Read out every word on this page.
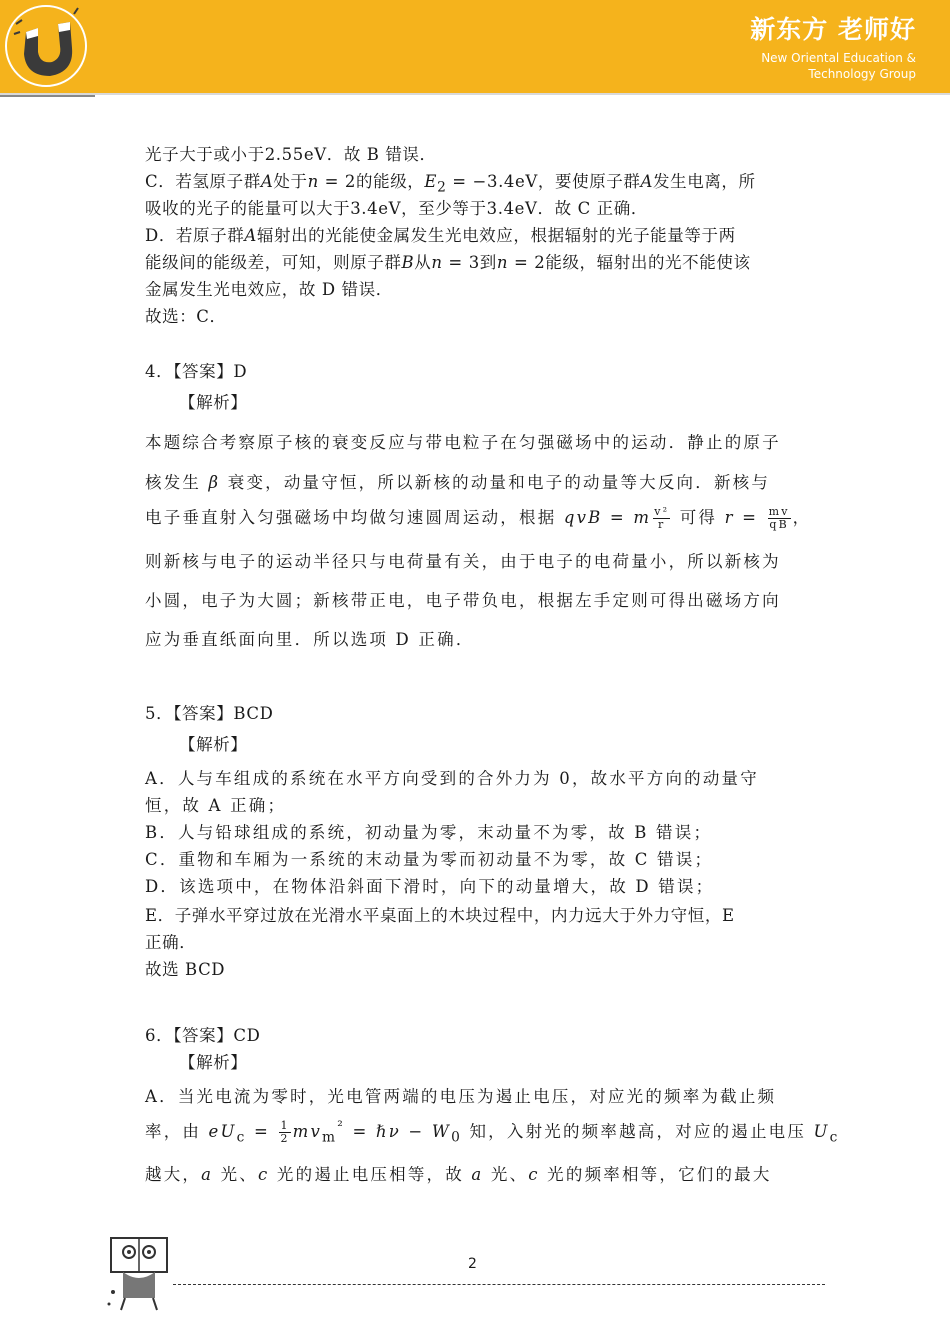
新东方 老师好
New Oriental Education &
Technology Group
光子大于或小于2.55eV．故 B 错误．
C．若氢原子群A处于n = 2的能级，$E_2 = -3.4eV$，要使原子群A发生电离，所
吸收的光子的能量可以大于3.4eV，至少等于3.4eV．故 C 正确．
D．若原子群A辐射出的光能使金属发生光电效应，根据辐射的光子能量等于两
能级间的能级差，可知，则原子群B从n = 3到n = 2能级，辐射出的光不能使该
金属发生光电效应，故 D 错误．
故选：C．
4．【答案】D
【解析】
本题综合考察原子核的衰变反应与带电粒子在匀强磁场中的运动．静止的原子
核发生 β 衰变，动量守恒，所以新核的动量和电子的动量等大反向．新核与
电子垂直射入匀强磁场中均做匀速圆周运动，根据 qvB = m $\frac{\text{v²}}{r}$ 可得 $r = \frac{mv}{qB}$ ，
则新核与电子的运动半径只与电荷量有关，由于电子的电荷量小，所以新核为
小圆，电子为大圆；新核带正电，电子带负电，根据左手定则可得出磁场方向
应为垂直纸面向里．所以选项 D 正确．
5．【答案】BCD
【解析】
A．人与车组成的系统在水平方向受到的合外力为 0，故水平方向的动量守
恒，故 A 正确；
B．人与铅球组成的系统，初动量为零，末动量不为零，故 B 错误；
C．重物和车厢为一系统的末动量为零而初动量不为零，故 C 错误；
D．该选项中，在物体沿斜面下滑时，向下的动量增大，故 D 错误；
E．子弹水平穿过放在光滑水平桌面上的木块过程中，内力远大于外力守恒，E
正确．
故选 BCD
6．【答案】CD
【解析】
A．当光电流为零时，光电管两端的电压为遏止电压，对应光的频率为截止频
率，由 $eU_c = \frac{1}{2} mv_m^{^2}$ = ℏν − $W_0$ 知，入射光的频率越高，对应的遏止电压 $U_c$
越大，a 光、c 光的遏止电压相等，故 a 光、c 光的频率相等，它们的最大
2
